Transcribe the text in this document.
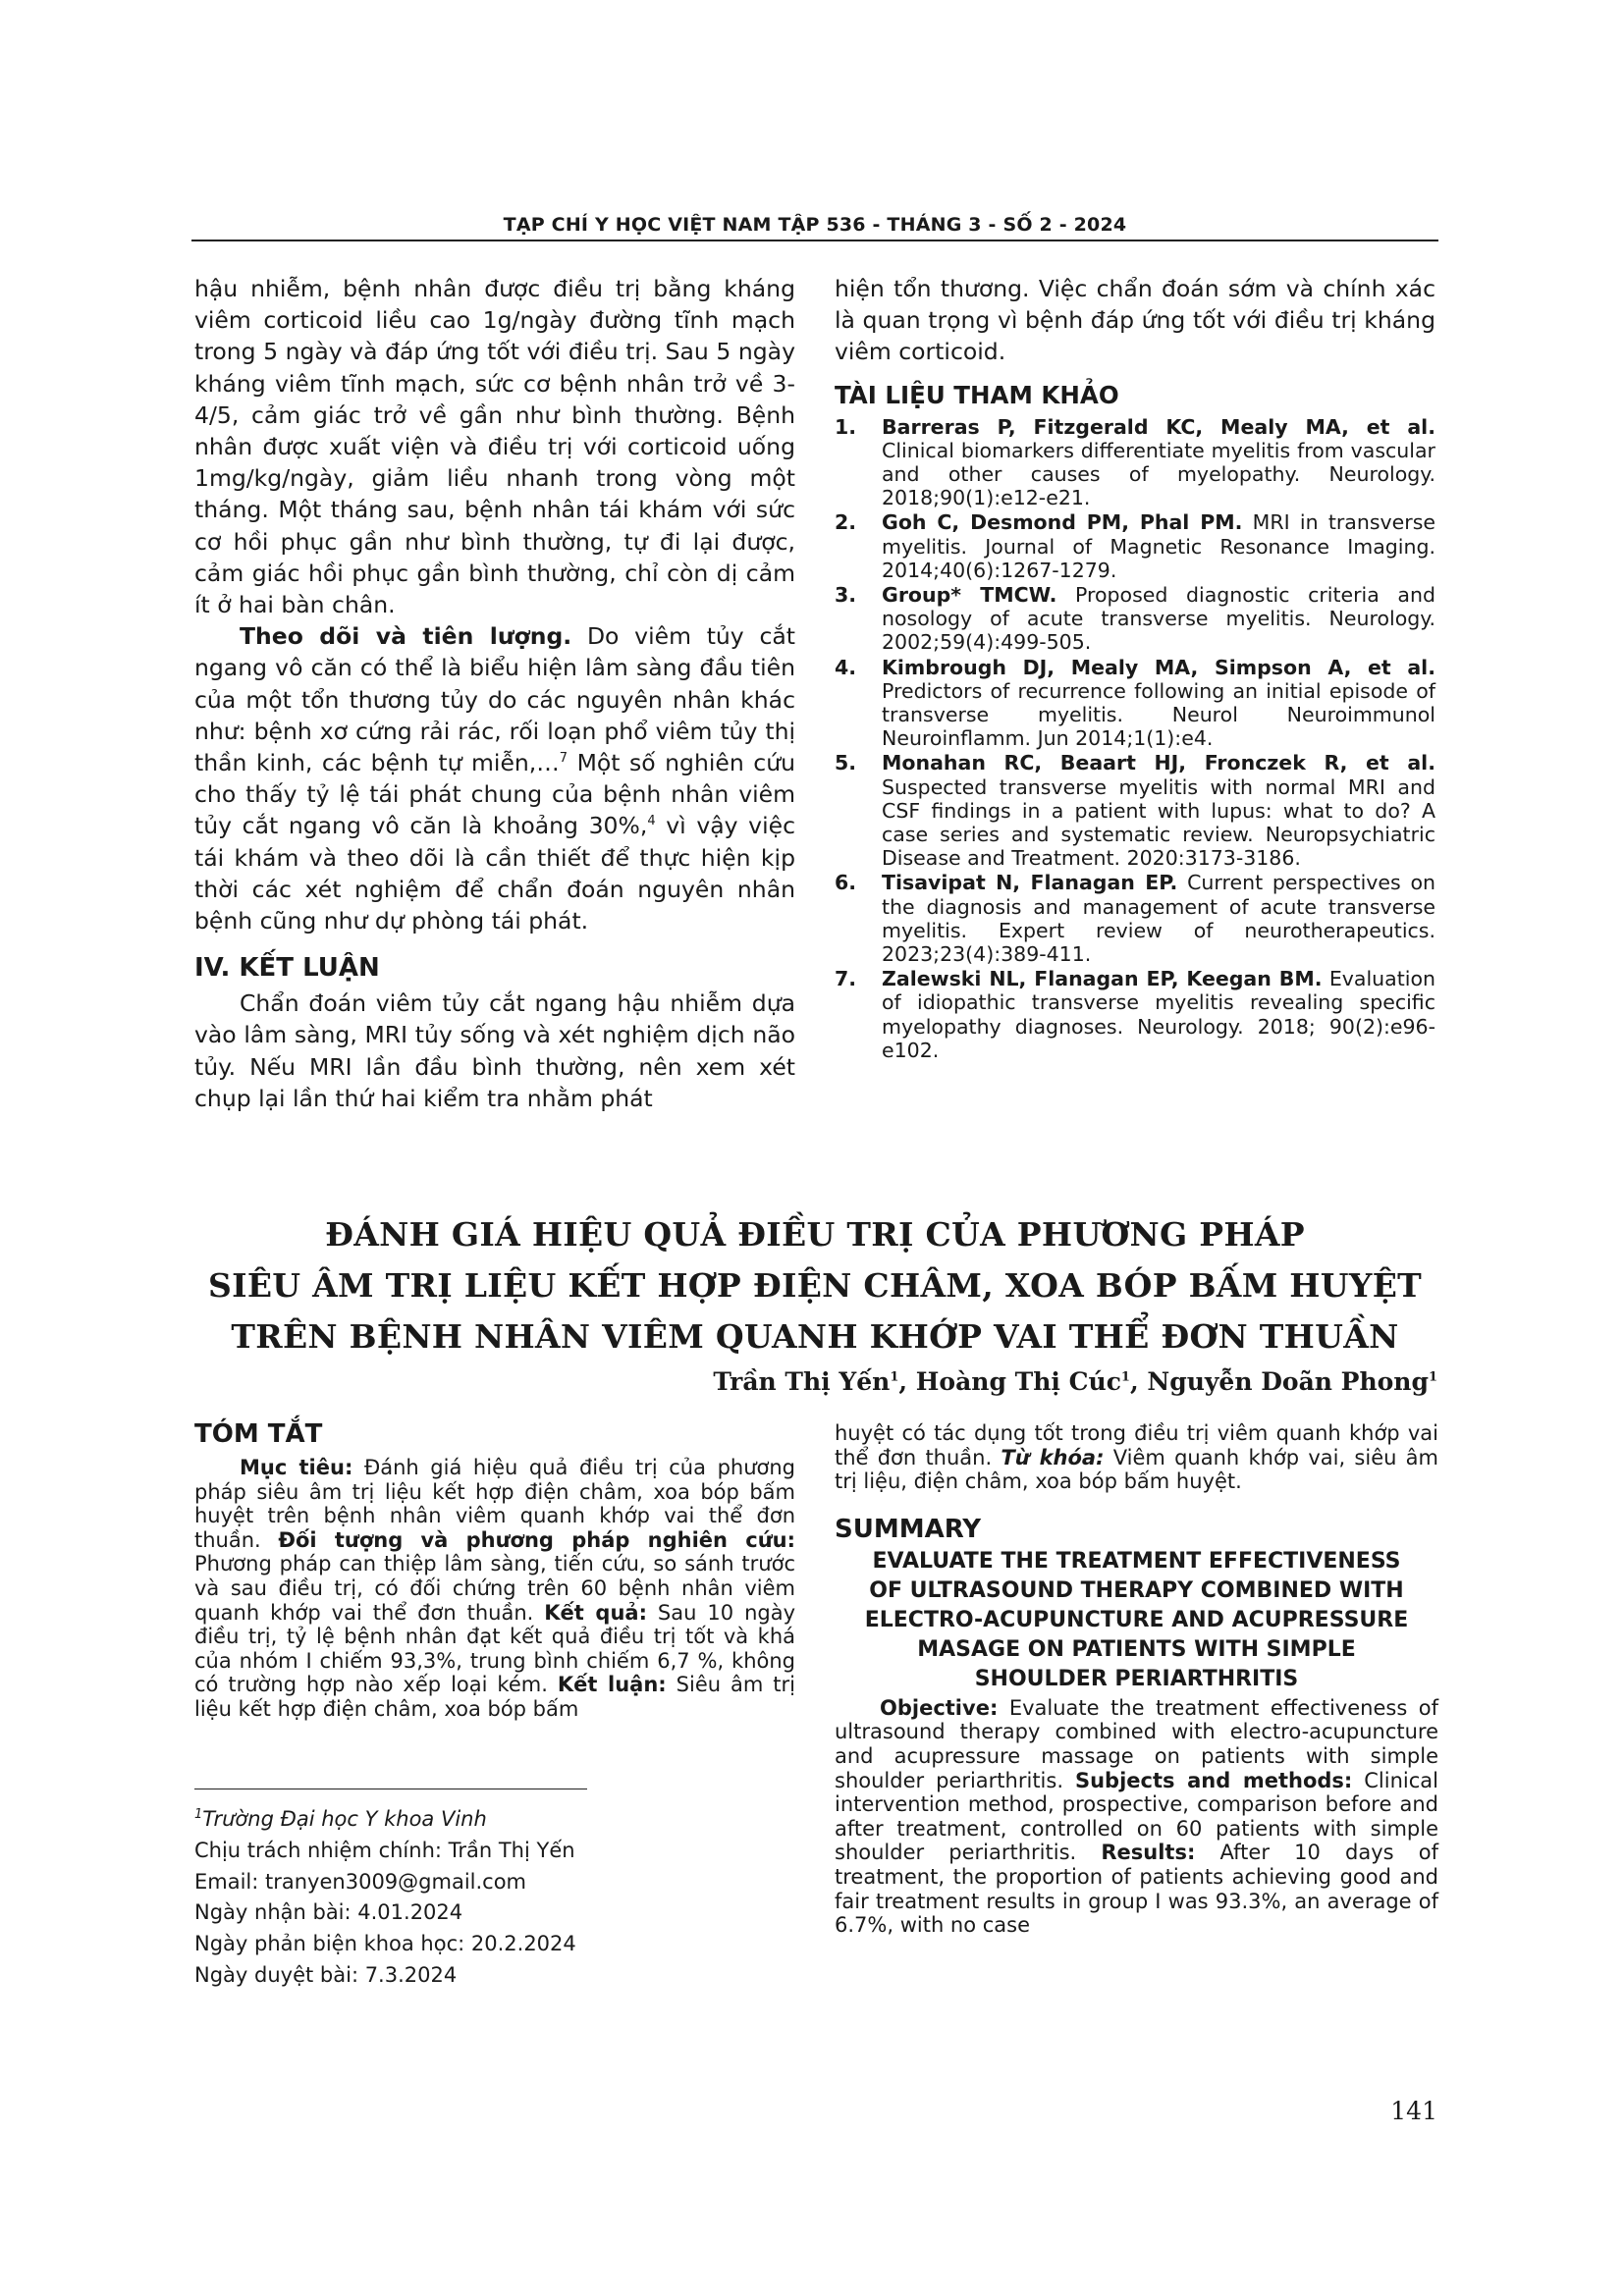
TẠP CHÍ Y HỌC VIỆT NAM TẬP 536 - THÁNG 3 - SỐ 2 - 2024

hậu nhiễm, bệnh nhân được điều trị bằng kháng viêm corticoid liều cao 1g/ngày đường tĩnh mạch trong 5 ngày và đáp ứng tốt với điều trị. Sau 5 ngày kháng viêm tĩnh mạch, sức cơ bệnh nhân trở về 3-4/5, cảm giác trở về gần như bình thường. Bệnh nhân được xuất viện và điều trị với corticoid uống 1mg/kg/ngày, giảm liều nhanh trong vòng một tháng. Một tháng sau, bệnh nhân tái khám với sức cơ hồi phục gần như bình thường, tự đi lại được, cảm giác hồi phục gần bình thường, chỉ còn dị cảm ít ở hai bàn chân.

Theo dõi và tiên lượng. Do viêm tủy cắt ngang vô căn có thể là biểu hiện lâm sàng đầu tiên của một tổn thương tủy do các nguyên nhân khác như: bệnh xơ cứng rải rác, rối loạn phổ viêm tủy thị thần kinh, các bệnh tự miễn,…$^7$ Một số nghiên cứu cho thấy tỷ lệ tái phát chung của bệnh nhân viêm tủy cắt ngang vô căn là khoảng 30%,$^4$ vì vậy việc tái khám và theo dõi là cần thiết để thực hiện kịp thời các xét nghiệm để chẩn đoán nguyên nhân bệnh cũng như dự phòng tái phát.

IV. KẾT LUẬN

Chẩn đoán viêm tủy cắt ngang hậu nhiễm dựa vào lâm sàng, MRI tủy sống và xét nghiệm dịch não tủy. Nếu MRI lần đầu bình thường, nên xem xét chụp lại lần thứ hai kiểm tra nhằm phát

hiện tổn thương. Việc chẩn đoán sớm và chính xác là quan trọng vì bệnh đáp ứng tốt với điều trị kháng viêm corticoid.

TÀI LIỆU THAM KHẢO
1. Barreras P, Fitzgerald KC, Mealy MA, et al. Clinical biomarkers differentiate myelitis from vascular and other causes of myelopathy. Neurology. 2018;90(1):e12-e21.
2. Goh C, Desmond PM, Phal PM. MRI in transverse myelitis. Journal of Magnetic Resonance Imaging. 2014;40(6):1267-1279.
3. Group* TMCW. Proposed diagnostic criteria and nosology of acute transverse myelitis. Neurology. 2002;59(4):499-505.
4. Kimbrough DJ, Mealy MA, Simpson A, et al. Predictors of recurrence following an initial episode of transverse myelitis. Neurol Neuroimmunol Neuroinflamm. Jun 2014;1(1):e4.
5. Monahan RC, Beaart HJ, Fronczek R, et al. Suspected transverse myelitis with normal MRI and CSF findings in a patient with lupus: what to do? A case series and systematic review. Neuropsychiatric Disease and Treatment. 2020:3173-3186.
6. Tisavipat N, Flanagan EP. Current perspectives on the diagnosis and management of acute transverse myelitis. Expert review of neurotherapeutics. 2023;23(4):389-411.
7. Zalewski NL, Flanagan EP, Keegan BM. Evaluation of idiopathic transverse myelitis revealing specific myelopathy diagnoses. Neurology. 2018; 90(2):e96-e102.
ĐÁNH GIÁ HIỆU QUẢ ĐIỀU TRỊ CỦA PHƯƠNG PHÁP
SIÊU ÂM TRỊ LIỆU KẾT HỢP ĐIỆN CHÂM, XOA BÓP BẤM HUYỆT
TRÊN BỆNH NHÂN VIÊM QUANH KHỚP VAI THỂ ĐƠN THUẦN
Trần Thị Yến$^1$, Hoàng Thị Cúc$^1$, Nguyễn Doãn Phong$^1$
TÓM TẮT

Mục tiêu: Đánh giá hiệu quả điều trị của phương pháp siêu âm trị liệu kết hợp điện châm, xoa bóp bấm huyệt trên bệnh nhân viêm quanh khớp vai thể đơn thuần. Đối tượng và phương pháp nghiên cứu: Phương pháp can thiệp lâm sàng, tiến cứu, so sánh trước và sau điều trị, có đối chứng trên 60 bệnh nhân viêm quanh khớp vai thể đơn thuần. Kết quả: Sau 10 ngày điều trị, tỷ lệ bệnh nhân đạt kết quả điều trị tốt và khá của nhóm I chiếm 93,3%, trung bình chiếm 6,7 %, không có trường hợp nào xếp loại kém. Kết luận: Siêu âm trị liệu kết hợp điện châm, xoa bóp bấm

$^1$Trường Đại học Y khoa Vinh
Chịu trách nhiệm chính: Trần Thị Yến
Email: tranyen3009@gmail.com
Ngày nhận bài: 4.01.2024
Ngày phản biện khoa học: 20.2.2024
Ngày duyệt bài: 7.3.2024

huyệt có tác dụng tốt trong điều trị viêm quanh khớp vai thể đơn thuần. Từ khóa: Viêm quanh khớp vai, siêu âm trị liệu, điện châm, xoa bóp bấm huyệt.

SUMMARY

EVALUATE THE TREATMENT EFFECTIVENESS

OF ULTRASOUND THERAPY COMBINED WITH

ELECTRO-ACUPUNCTURE AND ACUPRESSURE

MASAGE ON PATIENTS WITH SIMPLE

SHOULDER PERIARTHRITIS

Objective: Evaluate the treatment effectiveness of ultrasound therapy combined with electro-acupuncture and acupressure massage on patients with simple shoulder periarthritis. Subjects and methods: Clinical intervention method, prospective, comparison before and after treatment, controlled on 60 patients with simple shoulder periarthritis. Results: After 10 days of treatment, the proportion of patients achieving good and fair treatment results in group I was 93.3%, an average of 6.7%, with no case

141
